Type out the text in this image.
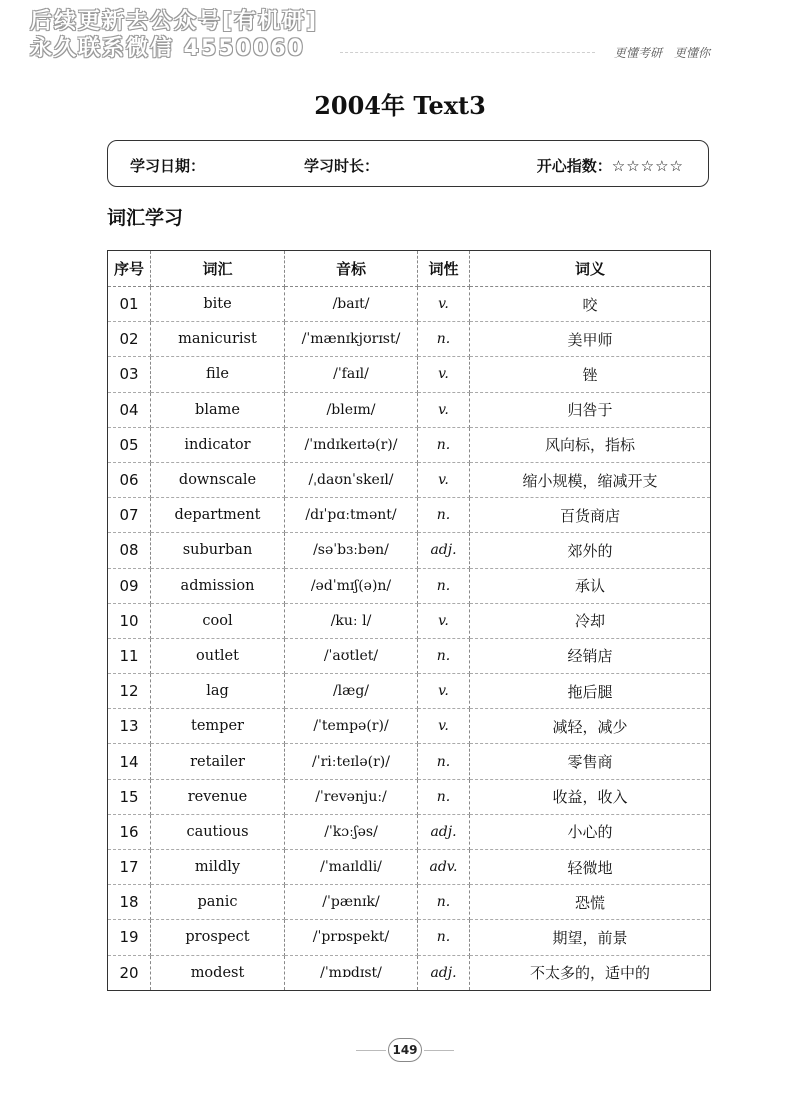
后续更新去公众号[有机研]
永久联系微信 4550060	更懂考研　更懂你
2004年 Text3
学习日期：	学习时长：	开心指数：☆☆☆☆☆
词汇学习
序号	词汇	音标	词性	词义
01	bite	/baɪt/	v.	咬
02	manicurist	/ˈmænɪkjʊrɪst/	n.	美甲师
03	file	/ˈfaɪl/	v.	锉
04	blame	/bleɪm/	v.	归咎于
05	indicator	/ˈɪndɪkeɪtə(r)/	n.	风向标，指标
06	downscale	/ˌdaʊnˈskeɪl/	v.	缩小规模，缩减开支
07	department	/dɪˈpɑːtmənt/	n.	百货商店
08	suburban	/səˈbɜːbən/	adj.	郊外的
09	admission	/ədˈmɪʃ(ə)n/	n.	承认
10	cool	/kuː l/	v.	冷却
11	outlet	/ˈaʊtlet/	n.	经销店
12	lag	/læg/	v.	拖后腿
13	temper	/ˈtempə(r)/	v.	减轻，减少
14	retailer	/ˈriːteɪlə(r)/	n.	零售商
15	revenue	/ˈrevənjuː/	n.	收益，收入
16	cautious	/ˈkɔːʃəs/	adj.	小心的
17	mildly	/ˈmaɪldli/	adv.	轻微地
18	panic	/ˈpænɪk/	n.	恐慌
19	prospect	/ˈprɒspekt/	n.	期望，前景
20	modest	/ˈmɒdɪst/	adj.	不太多的，适中的
149
